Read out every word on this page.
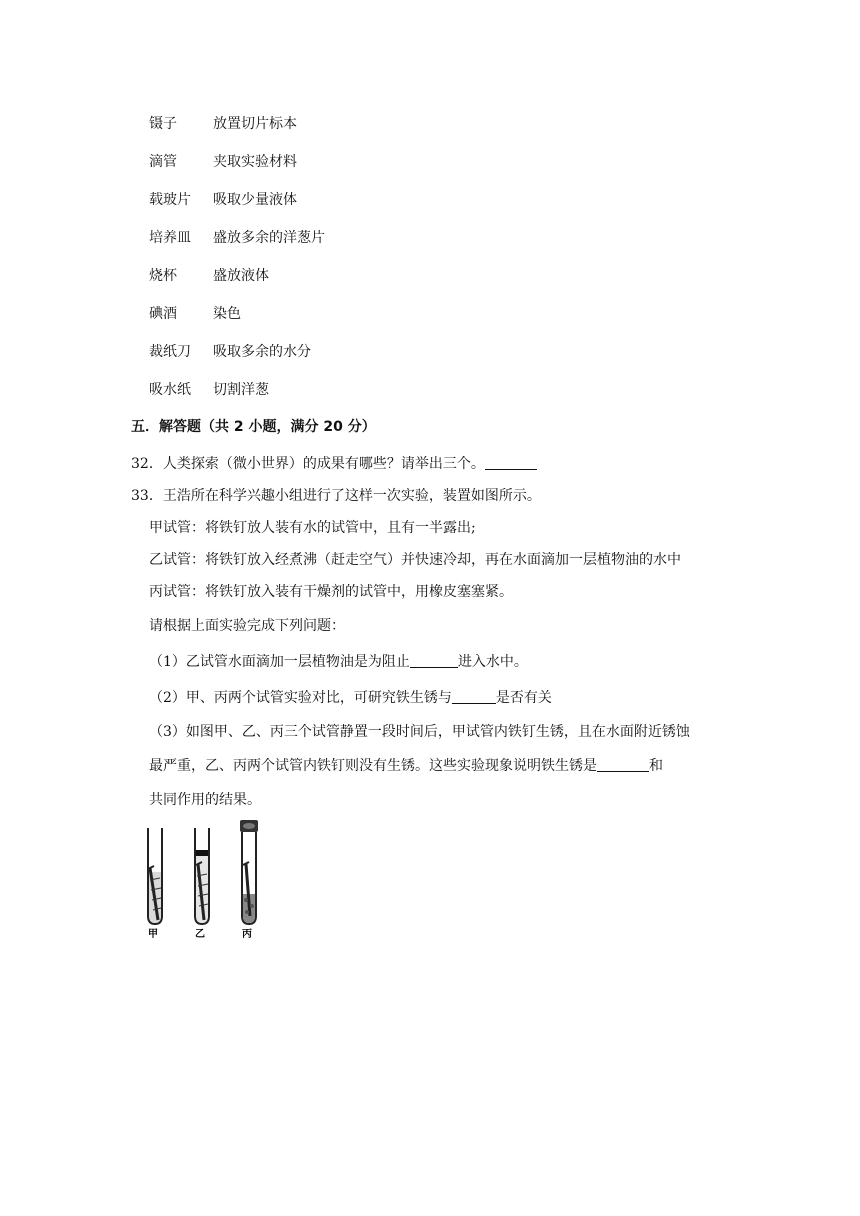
镊子	放置切片标本
滴管	夹取实验材料
载玻片 吸取少量液体
培养皿 盛放多余的洋葱片
烧杯	盛放液体
碘酒	染色
裁纸刀 吸取多余的水分
吸水纸 切割洋葱
五．解答题（共 2 小题，满分 20 分）
32．人类探索（微小世界）的成果有哪些？请举出三个。
33．王浩所在科学兴趣小组进行了这样一次实验，装置如图所示。
甲试管：将铁钉放人装有水的试管中，且有一半露出;
乙试管：将铁钉放入经煮沸（赶走空气）并快速冷却，再在水面滴加一层植物油的水中
丙试管：将铁钉放入装有干燥剂的试管中，用橡皮塞塞紧。
请根据上面实验完成下列问题：
（1）乙试管水面滴加一层植物油是为阻止	进入水中。
（2）甲、丙两个试管实验对比，可研究铁生锈与	是否有关
（3）如图甲、乙、丙三个试管静置一段时间后，甲试管内铁钉生锈，且在水面附近锈蚀
最严重，乙、丙两个试管内铁钉则没有生锈。这些实验现象说明铁生锈是	和
共同作用的结果。
甲	乙	丙
